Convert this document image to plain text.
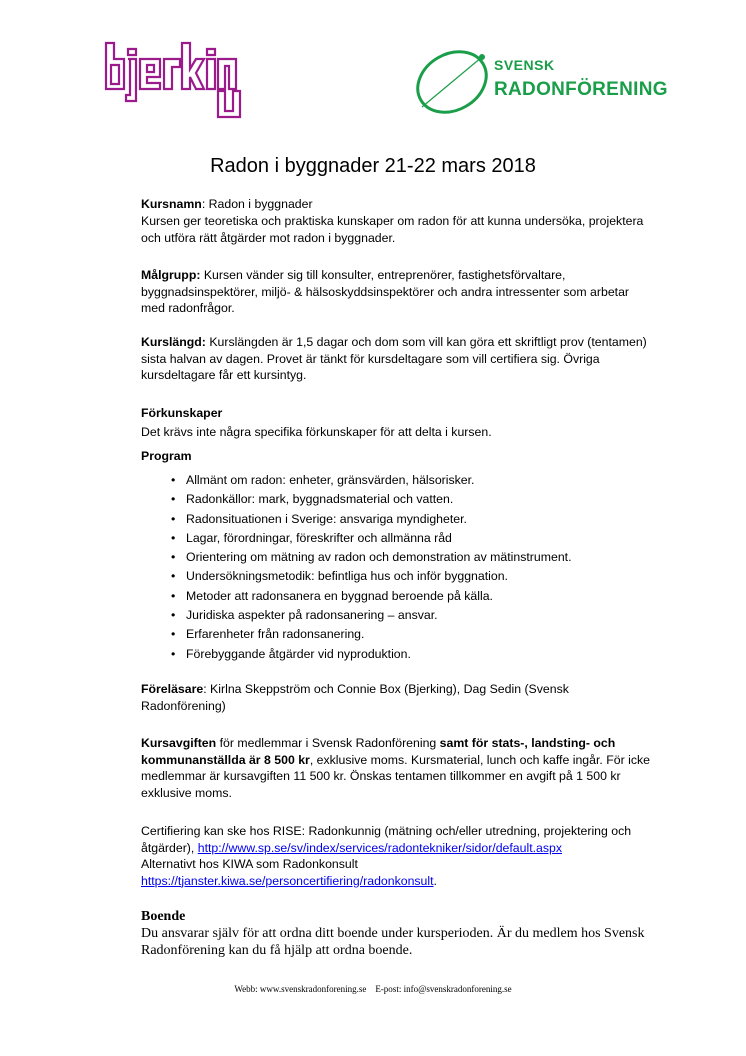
SVENSK
RADONFÖRENING
Radon i byggnader 21-22 mars 2018

Kursnamn: Radon i byggnader

Kursen ger teoretiska och praktiska kunskaper om radon för att kunna undersöka, projektera och utföra rätt åtgärder mot radon i byggnader.

Målgrupp: Kursen vänder sig till konsulter, entreprenörer, fastighetsförvaltare, byggnadsinspektörer, miljö- & hälsoskyddsinspektörer och andra intressenter som arbetar med radonfrågor.

Kurslängd: Kurslängden är 1,5 dagar och dom som vill kan göra ett skriftligt prov (tentamen) sista halvan av dagen. Provet är tänkt för kursdeltagare som vill certifiera sig. Övriga kursdeltagare får ett kursintyg.

Förkunskaper

Det krävs inte några specifika förkunskaper för att delta i kursen.

Program

• Allmänt om radon: enheter, gränsvärden, hälsorisker.
• Radonkällor: mark, byggnadsmaterial och vatten.
• Radonsituationen i Sverige: ansvariga myndigheter.
• Lagar, förordningar, föreskrifter och allmänna råd
• Orientering om mätning av radon och demonstration av mätinstrument.
• Undersökningsmetodik: befintliga hus och inför byggnation.
• Metoder att radonsanera en byggnad beroende på källa.
• Juridiska aspekter på radonsanering – ansvar.
• Erfarenheter från radonsanering.
• Förebyggande åtgärder vid nyproduktion.

Föreläsare: Kirlna Skeppström och Connie Box (Bjerking), Dag Sedin (Svensk Radonförening)

Kursavgiften för medlemmar i Svensk Radonförening samt för stats-, landsting- och kommunanställda är 8 500 kr, exklusive moms. Kursmaterial, lunch och kaffe ingår. För icke medlemmar är kursavgiften 11 500 kr. Önskas tentamen tillkommer en avgift på 1 500 kr exklusive moms.

Certifiering kan ske hos RISE: Radonkunnig (mätning och/eller utredning, projektering och åtgärder), http://www.sp.se/sv/index/services/radontekniker/sidor/default.aspx
Alternativt hos KIWA som Radonkonsult
https://tjanster.kiwa.se/personcertifiering/radonkonsult.

Boende

Du ansvarar själv för att ordna ditt boende under kursperioden. Är du medlem hos Svensk Radonförening kan du få hjälp att ordna boende.

Webb: www.svenskradonforening.se    E-post: info@svenskradonforening.se
